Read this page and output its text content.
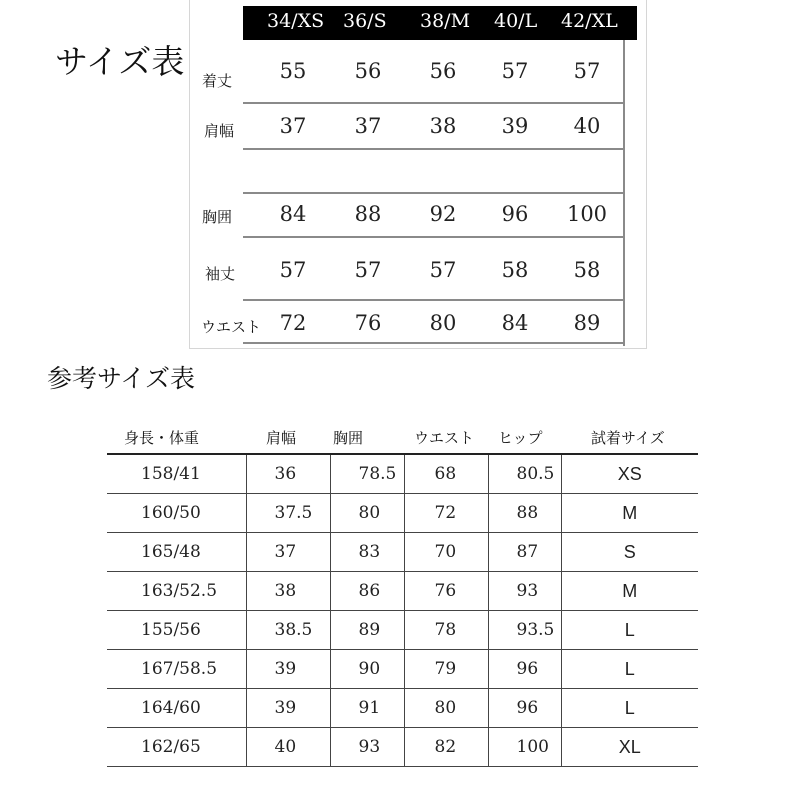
サイズ表
34/XS 36/S 38/M 40/L 42/XL
着丈	55	56	56	57	57
肩幅	37	37	38	39	40
胸囲	84	88	92	96	100
袖丈	57	57	57	58	58
ウエスト 72	76	80	84	89
参考サイズ表
身長・体重	肩幅	胸囲	ウエスト	ヒップ	試着サイズ
158/41	36	78.5	68	80.5	XS
160/50	37.5	80	72	88	M
165/48	37	83	70	87	S
163/52.5	38	86	76	93	M
155/56	38.5	89	78	93.5	L
167/58.5	39	90	79	96	L
164/60	39	91	80	96	L
162/65	40	93	82	100	XL
